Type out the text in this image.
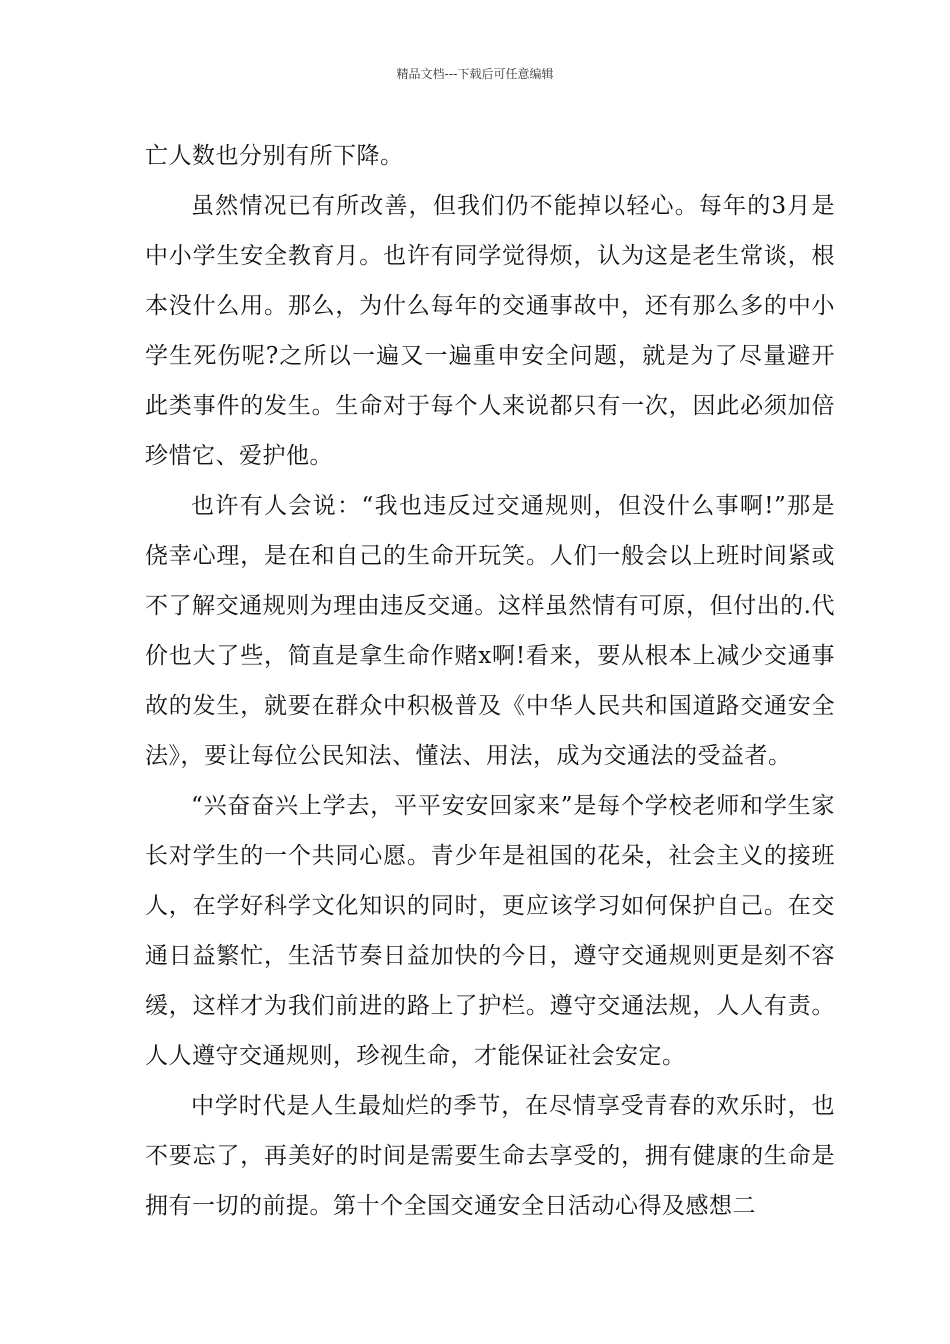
精品文档---下载后可任意编辑

亡人数也分别有所下降。

虽然情况已有所改善，但我们仍不能掉以轻心。每年的3月是中小学生安全教育月。也许有同学觉得烦，认为这是老生常谈，根本没什么用。那么，为什么每年的交通事故中，还有那么多的中小学生死伤呢?之所以一遍又一遍重申安全问题，就是为了尽量避开此类事件的发生。生命对于每个人来说都只有一次，因此必须加倍珍惜它、爱护他。

也许有人会说：“我也违反过交通规则，但没什么事啊!”那是侥幸心理，是在和自己的生命开玩笑。人们一般会以上班时间紧或不了解交通规则为理由违反交通。这样虽然情有可原，但付出的.代价也大了些，简直是拿生命作赌x啊!看来，要从根本上减少交通事故的发生，就要在群众中积极普及《中华人民共和国道路交通安全法》，要让每位公民知法、懂法、用法，成为交通法的受益者。

“兴奋奋兴上学去，平平安安回家来”是每个学校老师和学生家长对学生的一个共同心愿。青少年是祖国的花朵，社会主义的接班人，在学好科学文化知识的同时，更应该学习如何保护自己。在交通日益繁忙，生活节奏日益加快的今日，遵守交通规则更是刻不容缓，这样才为我们前进的路上了护栏。遵守交通法规，人人有责。人人遵守交通规则，珍视生命，才能保证社会安定。

中学时代是人生最灿烂的季节，在尽情享受青春的欢乐时，也不要忘了，再美好的时间是需要生命去享受的，拥有健康的生命是拥有一切的前提。第十个全国交通安全日活动心得及感想二
